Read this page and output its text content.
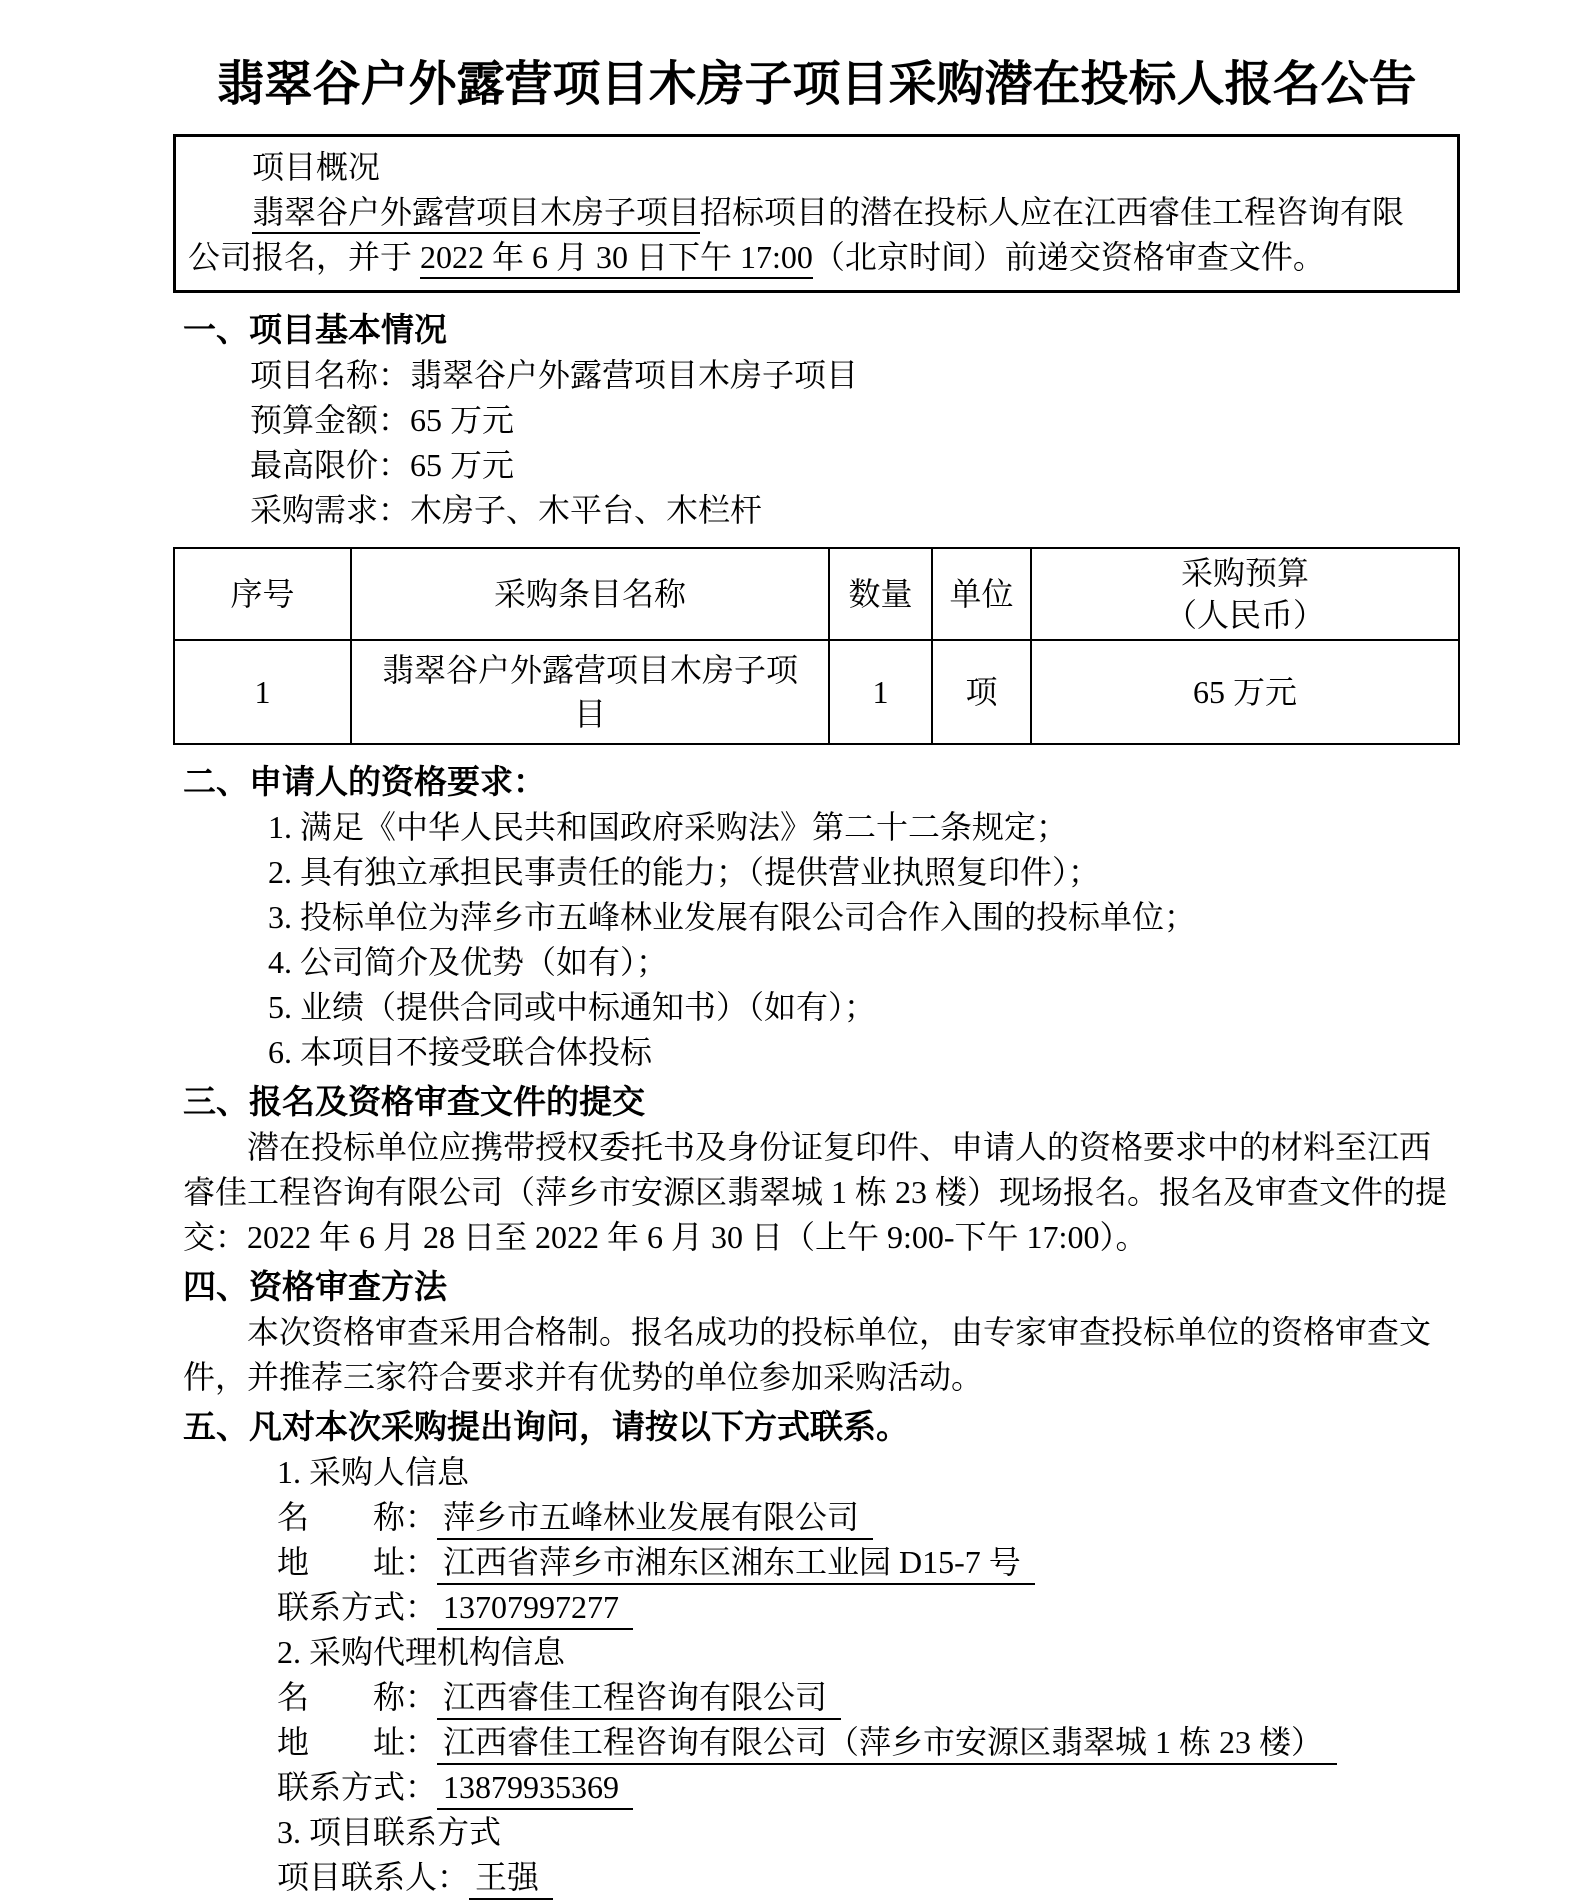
翡翠谷户外露营项目木房子项目采购潜在投标人报名公告

项目概况

翡翠谷户外露营项目木房子项目招标项目的潜在投标人应在江西睿佳工程咨询有限公司报名，并于 2022 年 6 月 30 日下午 17:00（北京时间）前递交资格审查文件。

一、项目基本情况

项目名称：翡翠谷户外露营项目木房子项目

预算金额：65 万元

最高限价：65 万元

采购需求：木房子、木平台、木栏杆

序号	采购条目名称	数量	单位	采购预算
（人民币）

1	翡翠谷户外露营项目木房子项目	1	项	65 万元
二、申请人的资格要求：

1. 满足《中华人民共和国政府采购法》第二十二条规定；

2. 具有独立承担民事责任的能力；（提供营业执照复印件）；

3. 投标单位为萍乡市五峰林业发展有限公司合作入围的投标单位；

4. 公司简介及优势（如有）；

5. 业绩（提供合同或中标通知书）（如有）；

6. 本项目不接受联合体投标

三、报名及资格审查文件的提交

潜在投标单位应携带授权委托书及身份证复印件、申请人的资格要求中的材料至江西睿佳工程咨询有限公司（萍乡市安源区翡翠城 1 栋 23 楼）现场报名。报名及审查文件的提交：2022 年 6 月 28 日至 2022 年 6 月 30 日（上午 9:00-下午 17:00）。

四、资格审查方法

本次资格审查采用合格制。报名成功的投标单位，由专家审查投标单位的资格审查文件，并推荐三家符合要求并有优势的单位参加采购活动。

五、凡对本次采购提出询问，请按以下方式联系。

1. 采购人信息

名　　称： 萍乡市五峰林业发展有限公司

地　　址： 江西省萍乡市湘东区湘东工业园 D15-7 号

联系方式： 13707997277

2. 采购代理机构信息

名　　称： 江西睿佳工程咨询有限公司

地　　址： 江西睿佳工程咨询有限公司（萍乡市安源区翡翠城 1 栋 23 楼）

联系方式： 13879935369

3. 项目联系方式

项目联系人： 王强
